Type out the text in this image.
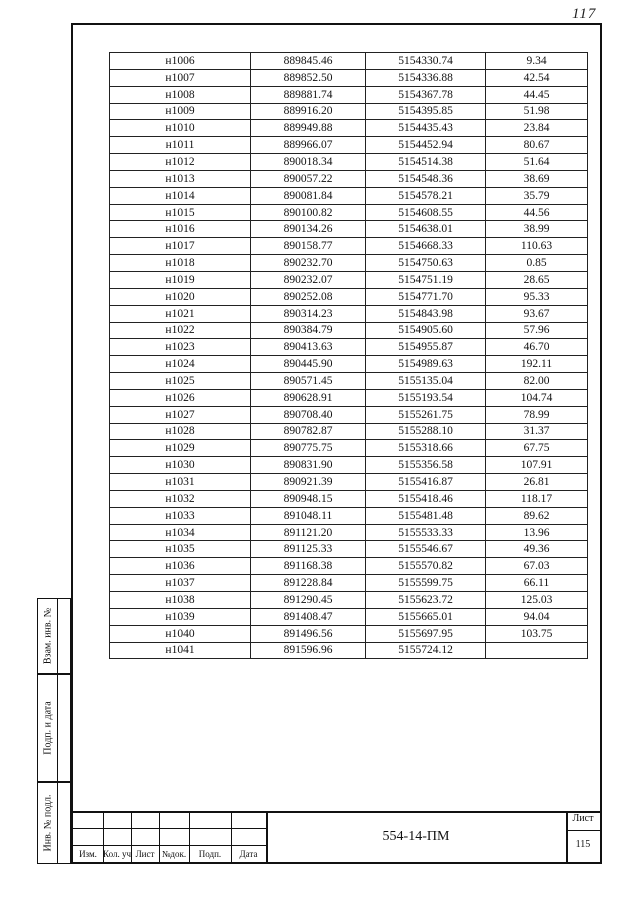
117
Взам. инв. №
Подп. и дата
Инв. № подл.
н1006	889845.46	5154330.74	9.34
н1007	889852.50	5154336.88	42.54
н1008	889881.74	5154367.78	44.45
н1009	889916.20	5154395.85	51.98
н1010	889949.88	5154435.43	23.84
н1011	889966.07	5154452.94	80.67
н1012	890018.34	5154514.38	51.64
н1013	890057.22	5154548.36	38.69
н1014	890081.84	5154578.21	35.79
н1015	890100.82	5154608.55	44.56
н1016	890134.26	5154638.01	38.99
н1017	890158.77	5154668.33	110.63
н1018	890232.70	5154750.63	0.85
н1019	890232.07	5154751.19	28.65
н1020	890252.08	5154771.70	95.33
н1021	890314.23	5154843.98	93.67
н1022	890384.79	5154905.60	57.96
н1023	890413.63	5154955.87	46.70
н1024	890445.90	5154989.63	192.11
н1025	890571.45	5155135.04	82.00
н1026	890628.91	5155193.54	104.74
н1027	890708.40	5155261.75	78.99
н1028	890782.87	5155288.10	31.37
н1029	890775.75	5155318.66	67.75
н1030	890831.90	5155356.58	107.91
н1031	890921.39	5155416.87	26.81
н1032	890948.15	5155418.46	118.17
н1033	891048.11	5155481.48	89.62
н1034	891121.20	5155533.33	13.96
н1035	891125.33	5155546.67	49.36
н1036	891168.38	5155570.82	67.03
н1037	891228.84	5155599.75	66.11
н1038	891290.45	5155623.72	125.03
н1039	891408.47	5155665.01	94.04
н1040	891496.56	5155697.95	103.75
н1041	891596.96	5155724.12	
Изм. Кол. уч Лист №док.	Подп.	Дата
554-14-ПМ
Лист
115
